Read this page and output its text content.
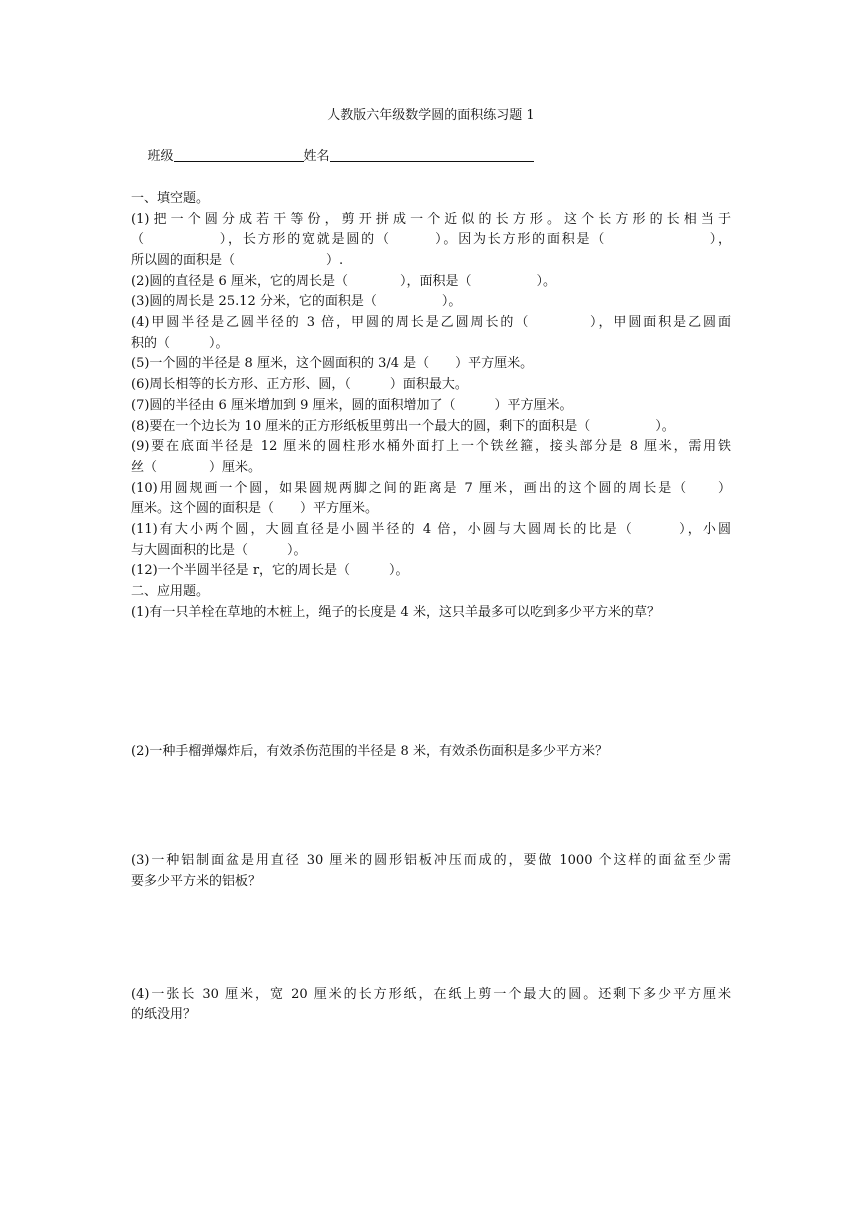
人教版六年级数学圆的面积练习题 1

班级	姓名

一、填空题。
(1)把一个圆分成若干等份，剪开拼成一个近似的长方形。这个长方形的长相当于
（　　　　　），长方形的宽就是圆的（　　　）。因为长方形的面积是（　　　　　　　），
所以圆的面积是（　　　　　　　）.
(2)圆的直径是 6 厘米，它的周长是（　　　　），面积是（　　　　　）。
(3)圆的周长是 25.12 分米，它的面积是（　　　　　）。
(4)甲圆半径是乙圆半径的 3 倍，甲圆的周长是乙圆周长的（　　　　），甲圆面积是乙圆面
积的（　　　）。
(5)一个圆的半径是 8 厘米，这个圆面积的 3/4 是（　　）平方厘米。
(6)周长相等的长方形、正方形、圆，（　　　）面积最大。
(7)圆的半径由 6 厘米增加到 9 厘米，圆的面积增加了（　　　）平方厘米。
(8)要在一个边长为 10 厘米的正方形纸板里剪出一个最大的圆，剩下的面积是（　　　　　）。
(9)要在底面半径是 12 厘米的圆柱形水桶外面打上一个铁丝箍，接头部分是 8 厘米，需用铁
丝（　　　　）厘米。
(10)用圆规画一个圆，如果圆规两脚之间的距离是 7 厘米，画出的这个圆的周长是（　　）
厘米。这个圆的面积是（　　）平方厘米。
(11)有大小两个圆，大圆直径是小圆半径的 4 倍，小圆与大圆周长的比是（　　　），小圆
与大圆面积的比是（　　　）。
(12)一个半圆半径是 r，它的周长是（　　　）。
二、应用题。
(1)有一只羊栓在草地的木桩上，绳子的长度是 4 米，这只羊最多可以吃到多少平方米的草？
(2)一种手榴弹爆炸后，有效杀伤范围的半径是 8 米，有效杀伤面积是多少平方米？
(3)一种铝制面盆是用直径 30 厘米的圆形铝板冲压而成的，要做 1000 个这样的面盆至少需
要多少平方米的铝板？
(4)一张长 30 厘米，宽 20 厘米的长方形纸，在纸上剪一个最大的圆。还剩下多少平方厘米
的纸没用？
